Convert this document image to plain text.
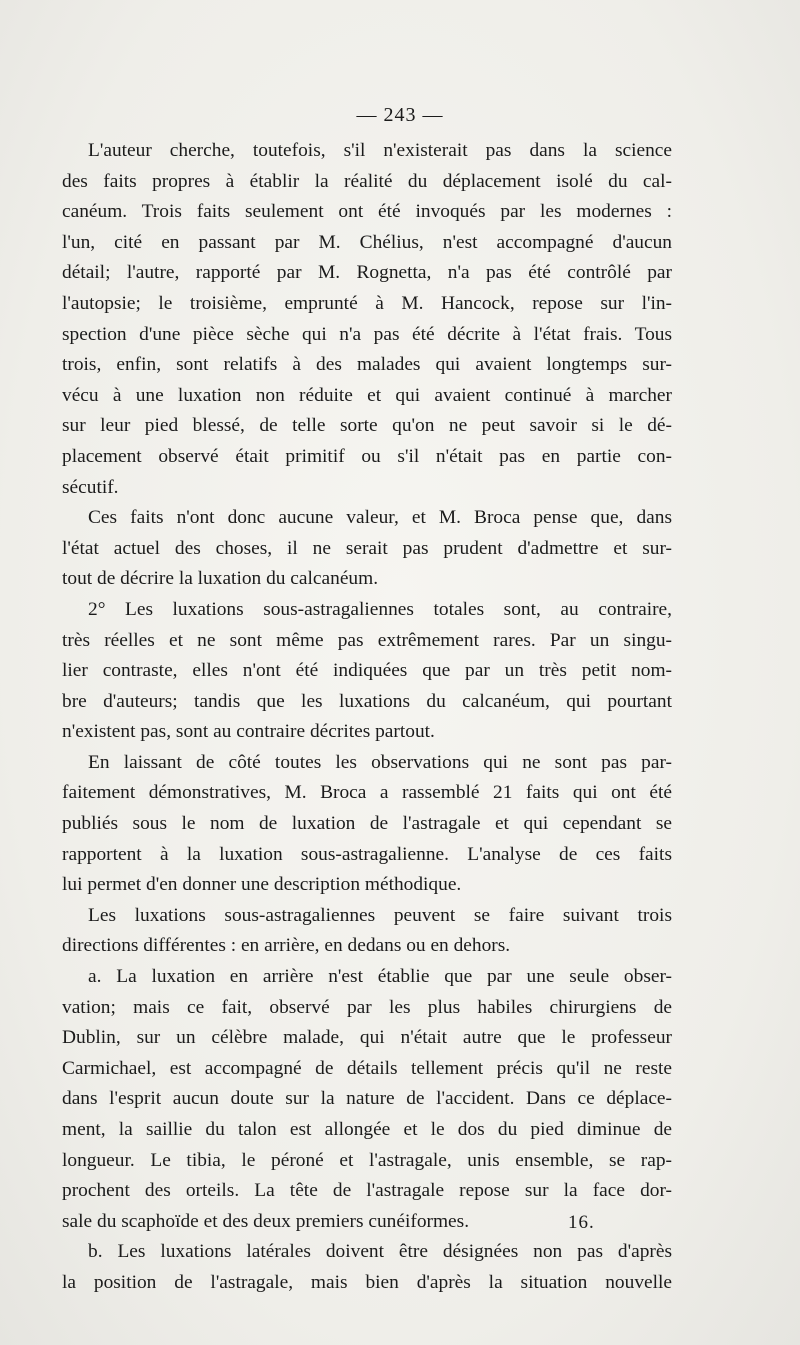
— 243 —
L'auteur cherche, toutefois, s'il n'existerait pas dans la science
des faits propres à établir la réalité du déplacement isolé du cal-
canéum. Trois faits seulement ont été invoqués par les modernes :
l'un, cité en passant par M. Chélius, n'est accompagné d'aucun
détail; l'autre, rapporté par M. Rognetta, n'a pas été contrôlé par
l'autopsie; le troisième, emprunté à M. Hancock, repose sur l'in-
spection d'une pièce sèche qui n'a pas été décrite à l'état frais. Tous
trois, enfin, sont relatifs à des malades qui avaient longtemps sur-
vécu à une luxation non réduite et qui avaient continué à marcher
sur leur pied blessé, de telle sorte qu'on ne peut savoir si le dé-
placement observé était primitif ou s'il n'était pas en partie con-
sécutif.
Ces faits n'ont donc aucune valeur, et M. Broca pense que, dans
l'état actuel des choses, il ne serait pas prudent d'admettre et sur-
tout de décrire la luxation du calcanéum.
2° Les luxations sous-astragaliennes totales sont, au contraire,
très réelles et ne sont même pas extrêmement rares. Par un singu-
lier contraste, elles n'ont été indiquées que par un très petit nom-
bre d'auteurs; tandis que les luxations du calcanéum, qui pourtant
n'existent pas, sont au contraire décrites partout.
En laissant de côté toutes les observations qui ne sont pas par-
faitement démonstratives, M. Broca a rassemblé 21 faits qui ont été
publiés sous le nom de luxation de l'astragale et qui cependant se
rapportent à la luxation sous-astragalienne. L'analyse de ces faits
lui permet d'en donner une description méthodique.
Les luxations sous-astragaliennes peuvent se faire suivant trois
directions différentes : en arrière, en dedans ou en dehors.
a. La luxation en arrière n'est établie que par une seule obser-
vation; mais ce fait, observé par les plus habiles chirurgiens de
Dublin, sur un célèbre malade, qui n'était autre que le professeur
Carmichael, est accompagné de détails tellement précis qu'il ne reste
dans l'esprit aucun doute sur la nature de l'accident. Dans ce déplace-
ment, la saillie du talon est allongée et le dos du pied diminue de
longueur. Le tibia, le péroné et l'astragale, unis ensemble, se rap-
prochent des orteils. La tête de l'astragale repose sur la face dor-
sale du scaphoïde et des deux premiers cunéiformes.
b. Les luxations latérales doivent être désignées non pas d'après
la position de l'astragale, mais bien d'après la situation nouvelle
16.
